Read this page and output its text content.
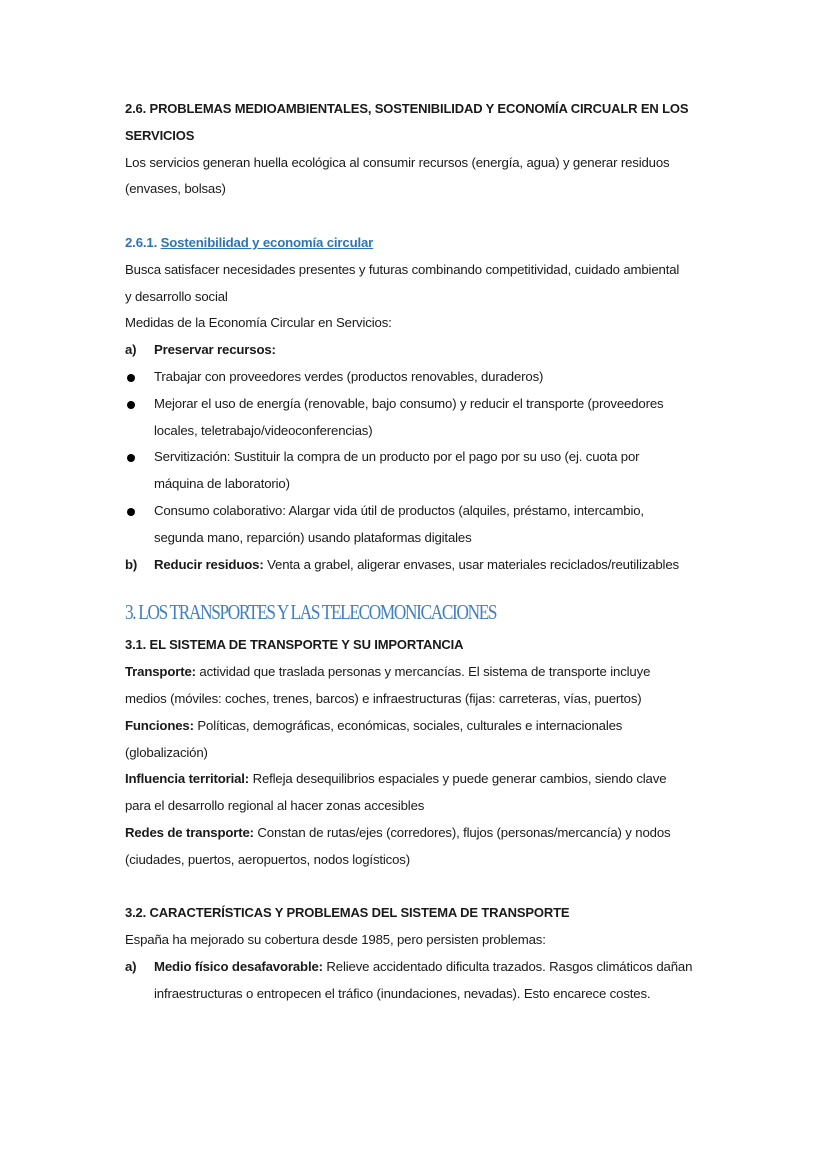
2.6. PROBLEMAS MEDIOAMBIENTALES, SOSTENIBILIDAD Y ECONOMÍA CIRCUALR EN LOS
SERVICIOS
Los servicios generan huella ecológica al consumir recursos (energía, agua) y generar residuos
(envases, bolsas)
2.6.1. Sostenibilidad y economía circular
Busca satisfacer necesidades presentes y futuras combinando competitividad, cuidado ambiental
y desarrollo social
Medidas de la Economía Circular en Servicios:
a)	Preservar recursos:
Trabajar con proveedores verdes (productos renovables, duraderos)
Mejorar el uso de energía (renovable, bajo consumo) y reducir el transporte (proveedores
locales, teletrabajo/videoconferencias)
Servitización: Sustituir la compra de un producto por el pago por su uso (ej. cuota por
máquina de laboratorio)
Consumo colaborativo: Alargar vida útil de productos (alquiles, préstamo, intercambio,
segunda mano, reparción) usando plataformas digitales
b)	Reducir residuos: Venta a grabel, aligerar envases, usar materiales reciclados/reutilizables
3. LOS TRANSPORTES Y LAS TELECOMONICACIONES
3.1. EL SISTEMA DE TRANSPORTE Y SU IMPORTANCIA
Transporte: actividad que traslada personas y mercancías. El sistema de transporte incluye
medios (móviles: coches, trenes, barcos) e infraestructuras (fijas: carreteras, vías, puertos)
Funciones: Políticas, demográficas, económicas, sociales, culturales e internacionales
(globalización)
Influencia territorial: Refleja desequilibrios espaciales y puede generar cambios, siendo clave
para el desarrollo regional al hacer zonas accesibles
Redes de transporte: Constan de rutas/ejes (corredores), flujos (personas/mercancía) y nodos
(ciudades, puertos, aeropuertos, nodos logísticos)
3.2. CARACTERÍSTICAS Y PROBLEMAS DEL SISTEMA DE TRANSPORTE
España ha mejorado su cobertura desde 1985, pero persisten problemas:
a)	Medio físico desafavorable: Relieve accidentado dificulta trazados. Rasgos climáticos dañan
infraestructuras o entropecen el tráfico (inundaciones, nevadas). Esto encarece costes.
